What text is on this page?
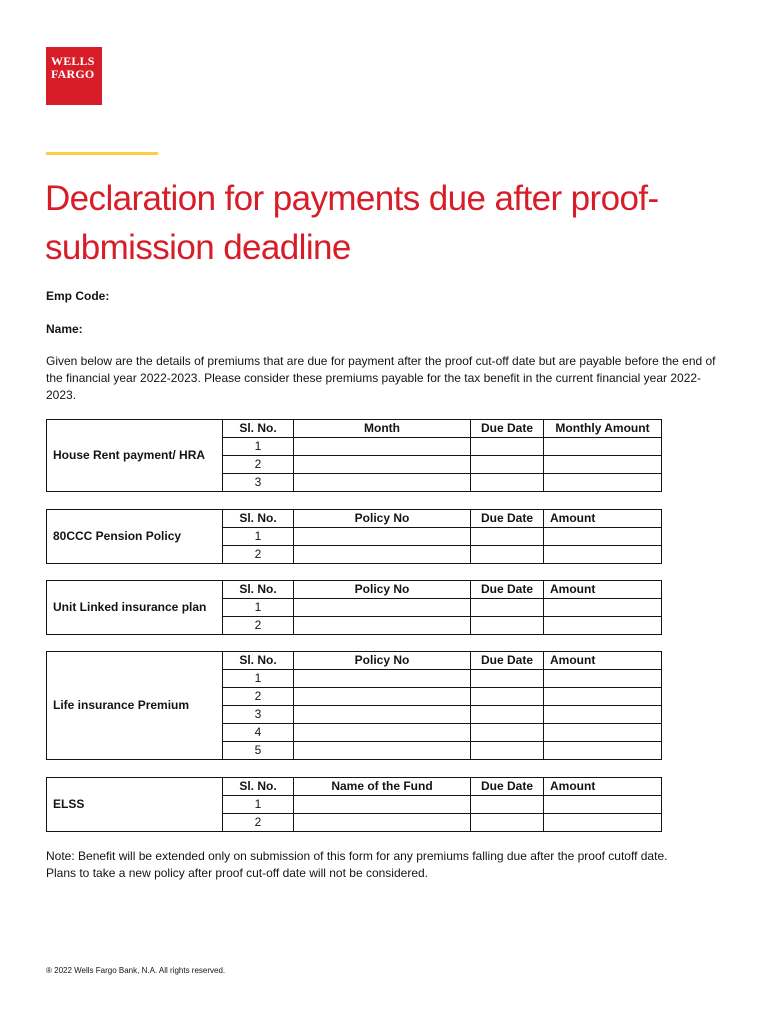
WELLS
FARGO
Declaration for payments due after proof-submission deadline

Emp Code:

Name:

Given below are the details of premiums that are due for payment after the proof cut-off date but are payable before the end of the financial year 2022-2023. Please consider these premiums payable for the tax benefit in the current financial year 2022-2023.

House Rent payment/ HRA	Sl. No.	Month	Due Date	Monthly Amount
	1			
	2			
	3			
80CCC Pension Policy	Sl. No.	Policy No	Due Date	Amount
	1			
	2			
Unit Linked insurance plan	Sl. No.	Policy No	Due Date	Amount
	1			
	2			
Life insurance Premium	Sl. No.	Policy No	Due Date	Amount
	1			
	2			
	3			
	4			
	5			
ELSS	Sl. No.	Name of the Fund	Due Date	Amount
	1			
	2			

Note: Benefit will be extended only on submission of this form for any premiums falling due after the proof cutoff date.

Plans to take a new policy after proof cut-off date will not be considered.

® 2022 Wells Fargo Bank, N.A. All rights reserved.
